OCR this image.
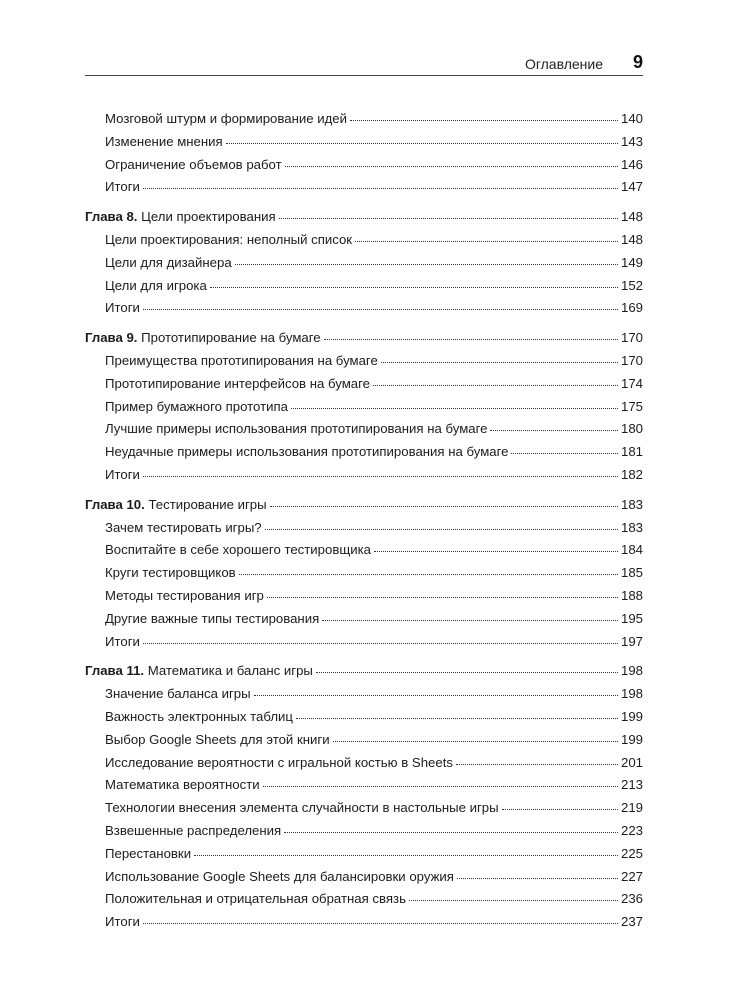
Оглавление 9
Мозговой штурм и формирование идей	140
Изменение мнения	143
Ограничение объемов работ	146
Итоги	147
Глава 8. Цели проектирования	148
Цели проектирования: неполный список	148
Цели для дизайнера	149
Цели для игрока	152
Итоги	169
Глава 9. Прототипирование на бумаге	170
Преимущества прототипирования на бумаге	170
Прототипирование интерфейсов на бумаге	174
Пример бумажного прототипа	175
Лучшие примеры использования прототипирования на бумаге	180
Неудачные примеры использования прототипирования на бумаге	181
Итоги	182
Глава 10. Тестирование игры	183
Зачем тестировать игры?	183
Воспитайте в себе хорошего тестировщика	184
Круги тестировщиков	185
Методы тестирования игр	188
Другие важные типы тестирования	195
Итоги	197
Глава 11. Математика и баланс игры	198
Значение баланса игры	198
Важность электронных таблиц	199
Выбор Google Sheets для этой книги	199
Исследование вероятности с игральной костью в Sheets	201
Математика вероятности	213
Технологии внесения элемента случайности в настольные игры	219
Взвешенные распределения	223
Перестановки	225
Использование Google Sheets для балансировки оружия	227
Положительная и отрицательная обратная связь	236
Итоги	237
